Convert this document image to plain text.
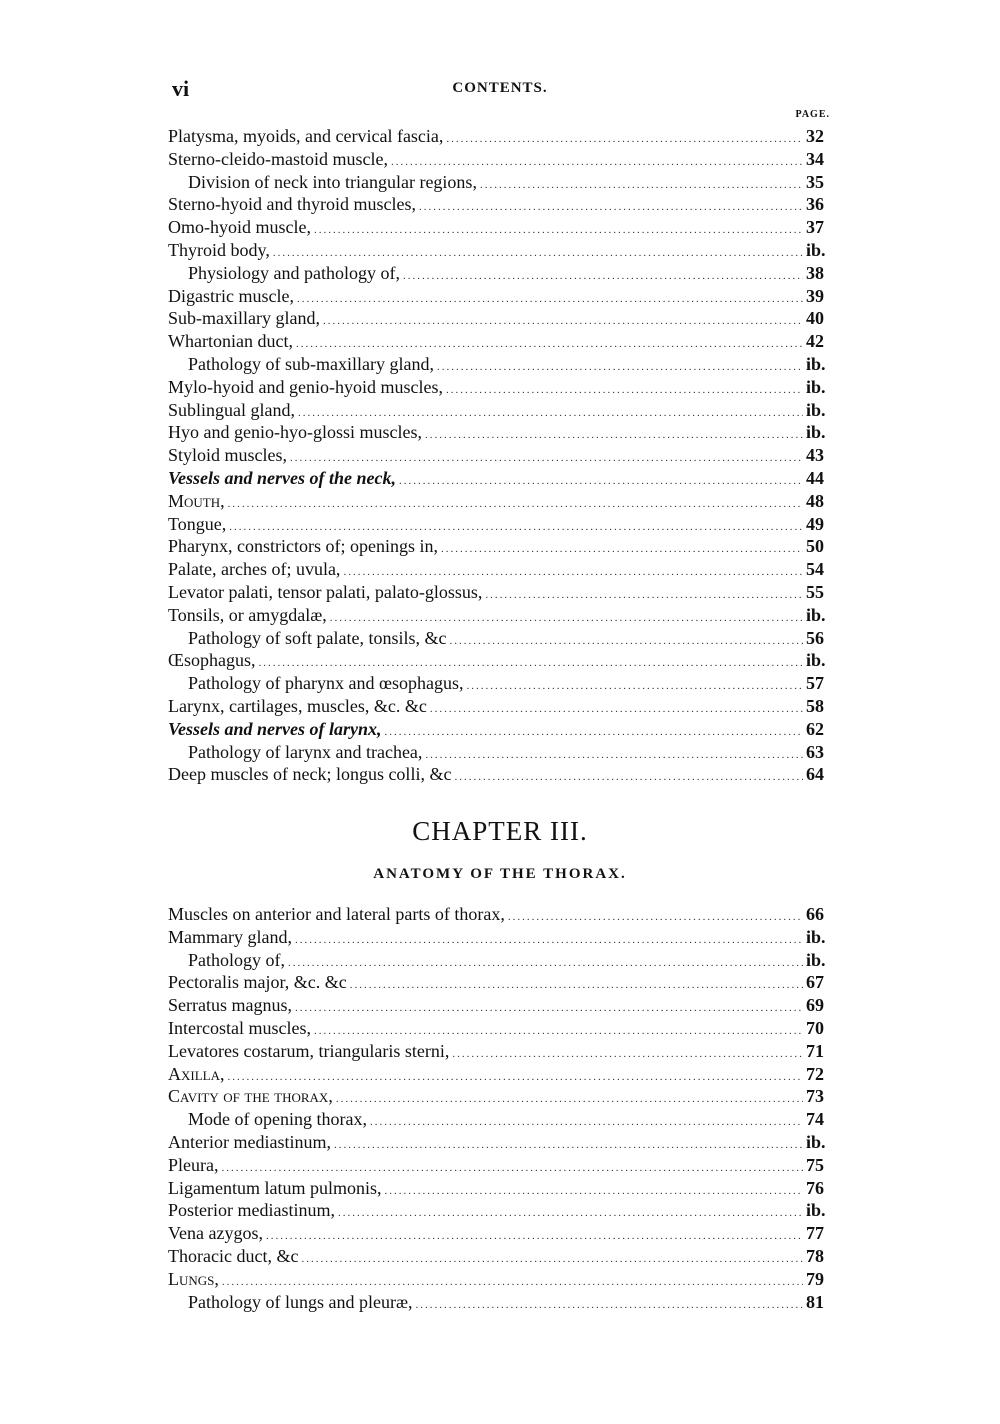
vi	CONTENTS.
PAGE.
Platysma, myoids, and cervical fascia, .....	32
Sterno-cleido-mastoid muscle, .....	34
Division of neck into triangular regions, .....	35
Sterno-hyoid and thyroid muscles, .....	36
Omo-hyoid muscle, .....	37
Thyroid body, .....	ib.
Physiology and pathology of, .....	38
Digastric muscle, .....	39
Sub-maxillary gland, .....	40
Whartonian duct, .....	42
Pathology of sub-maxillary gland, .....	ib.
Mylo-hyoid and genio-hyoid muscles, .....	ib.
Sublingual gland, .....	ib.
Hyo and genio-hyo-glossi muscles, .....	ib.
Styloid muscles, .....	43
Vessels and nerves of the neck, .....	44
Mouth, .....	48
Tongue, .....	49
Pharynx, constrictors of; openings in, .....	50
Palate, arches of; uvula, .....	54
Levator palati, tensor palati, palato-glossus, .....	55
Tonsils, or amygdalæ, .....	ib.
Pathology of soft palate, tonsils, &c .....	56
Œsophagus, .....	ib.
Pathology of pharynx and œsophagus, .....	57
Larynx, cartilages, muscles, &c. &c .....	58
Vessels and nerves of larynx, .....	62
Pathology of larynx and trachea, .....	63
Deep muscles of neck; longus colli, &c .....	64
CHAPTER III.
ANATOMY OF THE THORAX.
Muscles on anterior and lateral parts of thorax, .....	66
Mammary gland, .....	ib.
Pathology of, .....	ib.
Pectoralis major, &c. &c .....	67
Serratus magnus, .....	69
Intercostal muscles, .....	70
Levatores costarum, triangularis sterni, .....	71
Axilla, .....	72
Cavity of the thorax, .....	73
Mode of opening thorax, .....	74
Anterior mediastinum, .....	ib.
Pleura, .....	75
Ligamentum latum pulmonis, .....	76
Posterior mediastinum, .....	ib.
Vena azygos, .....	77
Thoracic duct, &c .....	78
Lungs, .....	79
Pathology of lungs and pleuræ, .....	81
